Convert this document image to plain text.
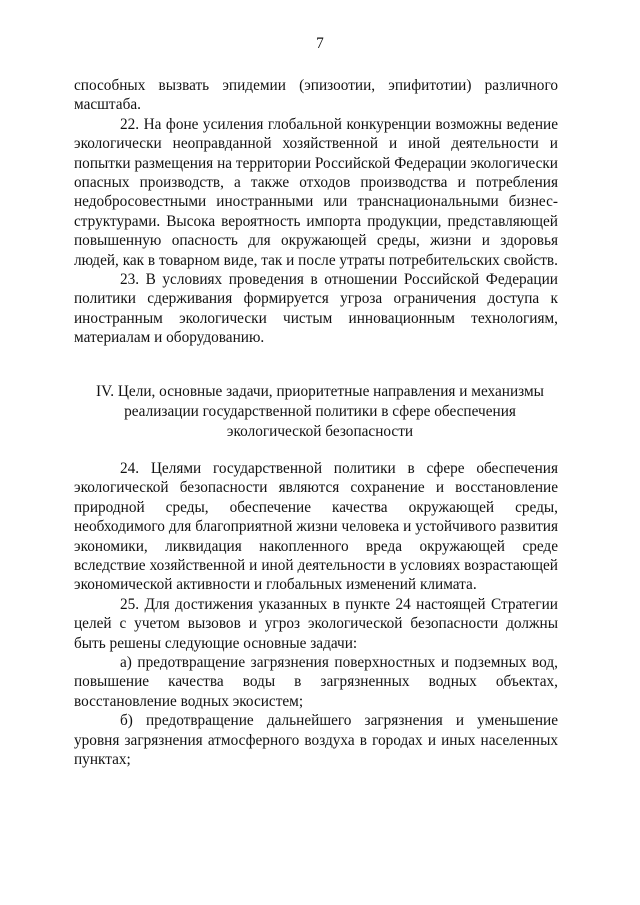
7

способных вызвать эпидемии (эпизоотии, эпифитотии) различного масштаба.

22. На фоне усиления глобальной конкуренции возможны ведение экологически неоправданной хозяйственной и иной деятельности и попытки размещения на территории Российской Федерации экологически опасных производств, а также отходов производства и потребления недобросовестными иностранными или транснациональными бизнес-структурами. Высока вероятность импорта продукции, представляющей повышенную опасность для окружающей среды, жизни и здоровья людей, как в товарном виде, так и после утраты потребительских свойств.

23. В условиях проведения в отношении Российской Федерации политики сдерживания формируется угроза ограничения доступа к иностранным экологически чистым инновационным технологиям, материалам и оборудованию.

IV. Цели, основные задачи, приоритетные направления и механизмы
реализации государственной политики в сфере обеспечения
экологической безопасности

24. Целями государственной политики в сфере обеспечения экологической безопасности являются сохранение и восстановление природной среды, обеспечение качества окружающей среды, необходимого для благоприятной жизни человека и устойчивого развития экономики, ликвидация накопленного вреда окружающей среде вследствие хозяйственной и иной деятельности в условиях возрастающей экономической активности и глобальных изменений климата.

25. Для достижения указанных в пункте 24 настоящей Стратегии целей с учетом вызовов и угроз экологической безопасности должны быть решены следующие основные задачи:

а) предотвращение загрязнения поверхностных и подземных вод, повышение качества воды в загрязненных водных объектах, восстановление водных экосистем;

б) предотвращение дальнейшего загрязнения и уменьшение уровня загрязнения атмосферного воздуха в городах и иных населенных пунктах;
